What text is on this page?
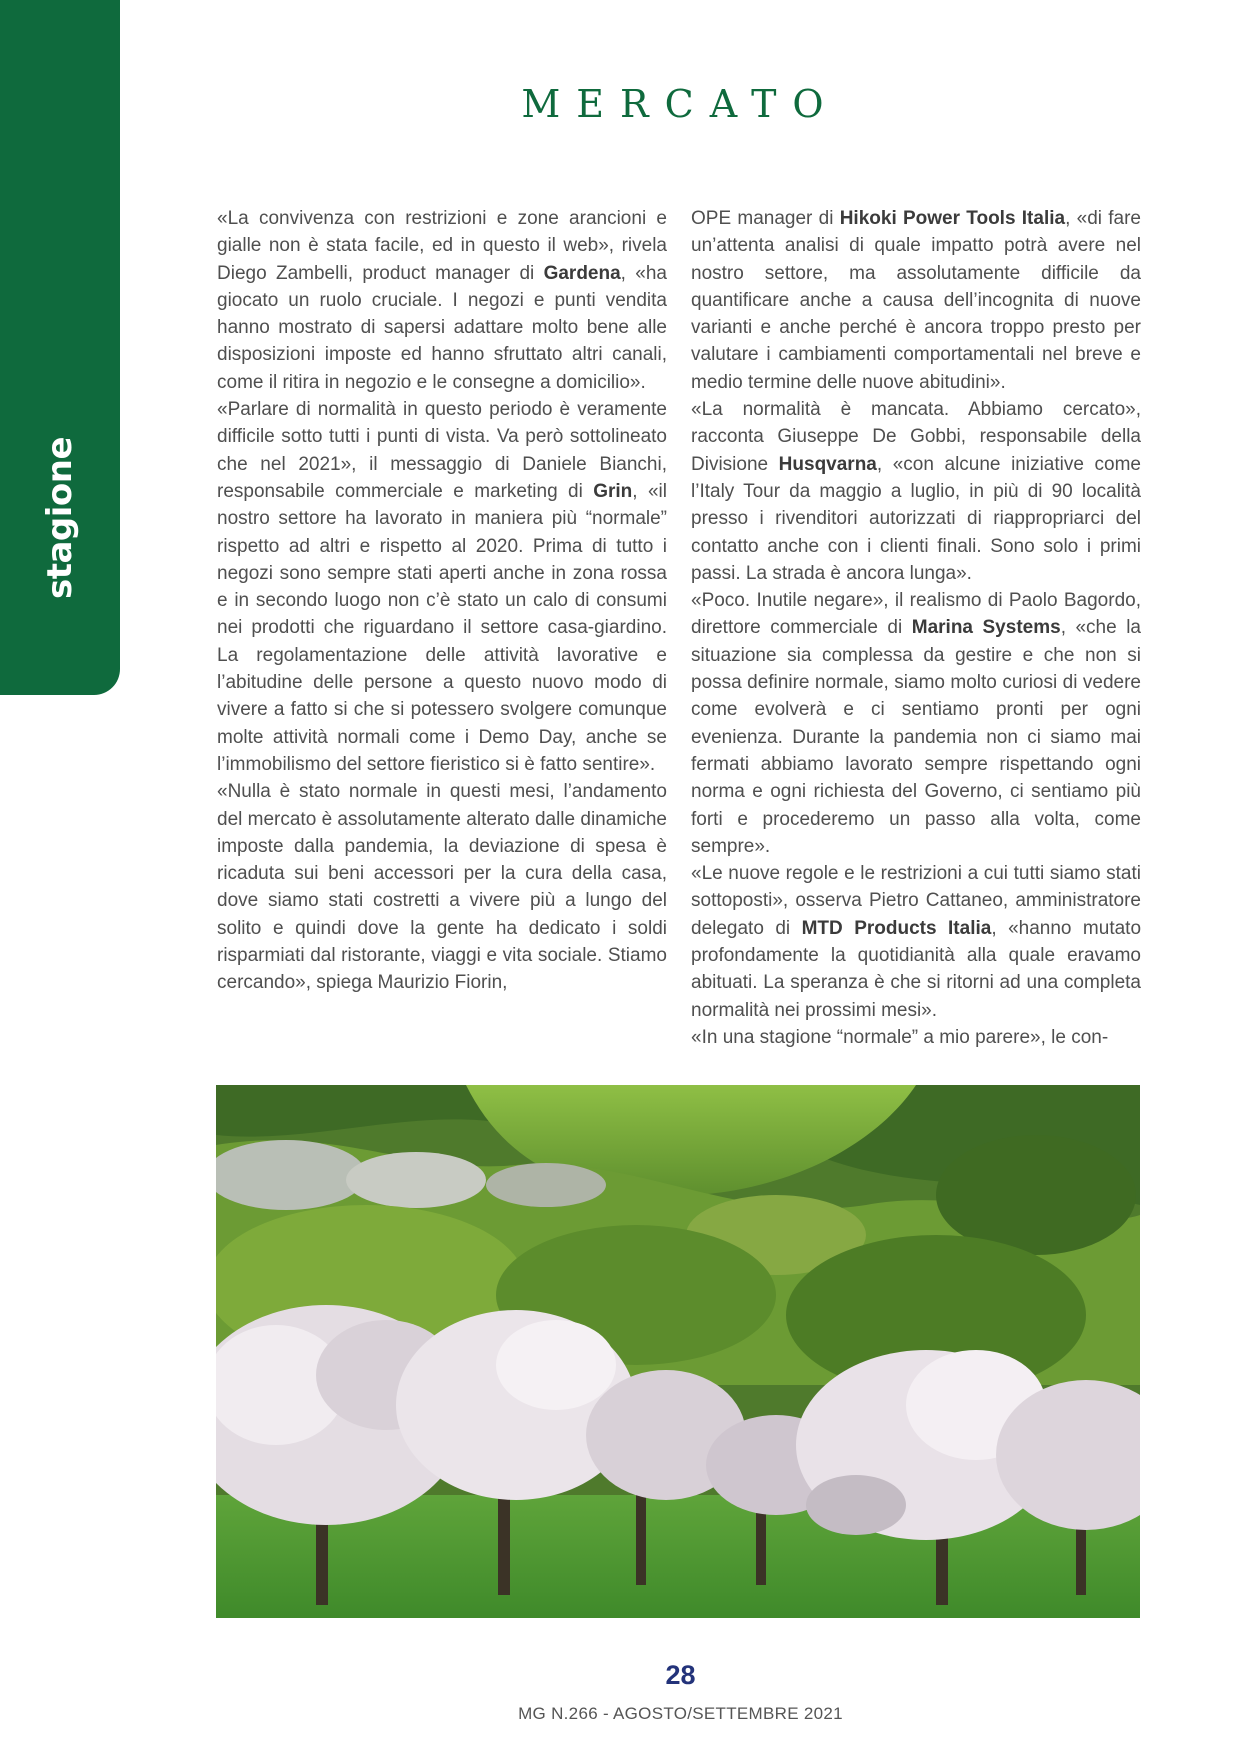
stagione
MERCATO

«La convivenza con restrizioni e zone arancioni e gialle non è stata facile, ed in questo il web», rivela Diego Zambelli, product manager di Gardena, «ha giocato un ruolo cruciale. I negozi e punti vendita hanno mostrato di sapersi adattare molto bene alle disposizioni imposte ed hanno sfruttato altri canali, come il ritira in negozio e le consegne a domicilio».

«Parlare di normalità in questo periodo è veramente difficile sotto tutti i punti di vista. Va però sottolineato che nel 2021», il messaggio di Daniele Bianchi, responsabile commerciale e marketing di Grin, «il nostro settore ha lavorato in maniera più “normale” rispetto ad altri e rispetto al 2020. Prima di tutto i negozi sono sempre stati aperti anche in zona rossa e in secondo luogo non c’è stato un calo di consumi nei prodotti che riguardano il settore casa-giardino. La regolamentazione delle attività lavorative e l’abitudine delle persone a questo nuovo modo di vivere a fatto si che si potessero svolgere comunque molte attività normali come i Demo Day, anche se l’immobilismo del settore fieristico si è fatto sentire».

«Nulla è stato normale in questi mesi, l’andamento del mercato è assolutamente alterato dalle dinamiche imposte dalla pandemia, la deviazione di spesa è ricaduta sui beni accessori per la cura della casa, dove siamo stati costretti a vivere più a lungo del solito e quindi dove la gente ha dedicato i soldi risparmiati dal ristorante, viaggi e vita sociale. Stiamo cercando», spiega Maurizio Fiorin,

OPE manager di Hikoki Power Tools Italia, «di fare un’attenta analisi di quale impatto potrà avere nel nostro settore, ma assolutamente difficile da quantificare anche a causa dell’incognita di nuove varianti e anche perché è ancora troppo presto per valutare i cambiamenti comportamentali nel breve e medio termine delle nuove abitudini».

«La normalità è mancata. Abbiamo cercato», racconta Giuseppe De Gobbi, responsabile della Divisione Husqvarna, «con alcune iniziative come l’Italy Tour da maggio a luglio, in più di 90 località presso i rivenditori autorizzati di riappropriarci del contatto anche con i clienti finali. Sono solo i primi passi. La strada è ancora lunga».

«Poco. Inutile negare», il realismo di Paolo Bagordo, direttore commerciale di Marina Systems, «che la situazione sia complessa da gestire e che non si possa definire normale, siamo molto curiosi di vedere come evolverà e ci sentiamo pronti per ogni evenienza. Durante la pandemia non ci siamo mai fermati abbiamo lavorato sempre rispettando ogni norma e ogni richiesta del Governo, ci sentiamo più forti e procederemo un passo alla volta, come sempre».

«Le nuove regole e le restrizioni a cui tutti siamo stati sottoposti», osserva Pietro Cattaneo, amministratore delegato di MTD Products Italia, «hanno mutato profondamente la quotidianità alla quale eravamo abituati. La speranza è che si ritorni ad una completa normalità nei prossimi mesi».

«In una stagione “normale” a mio parere», le con-

28
MG N.266 - AGOSTO/SETTEMBRE 2021
